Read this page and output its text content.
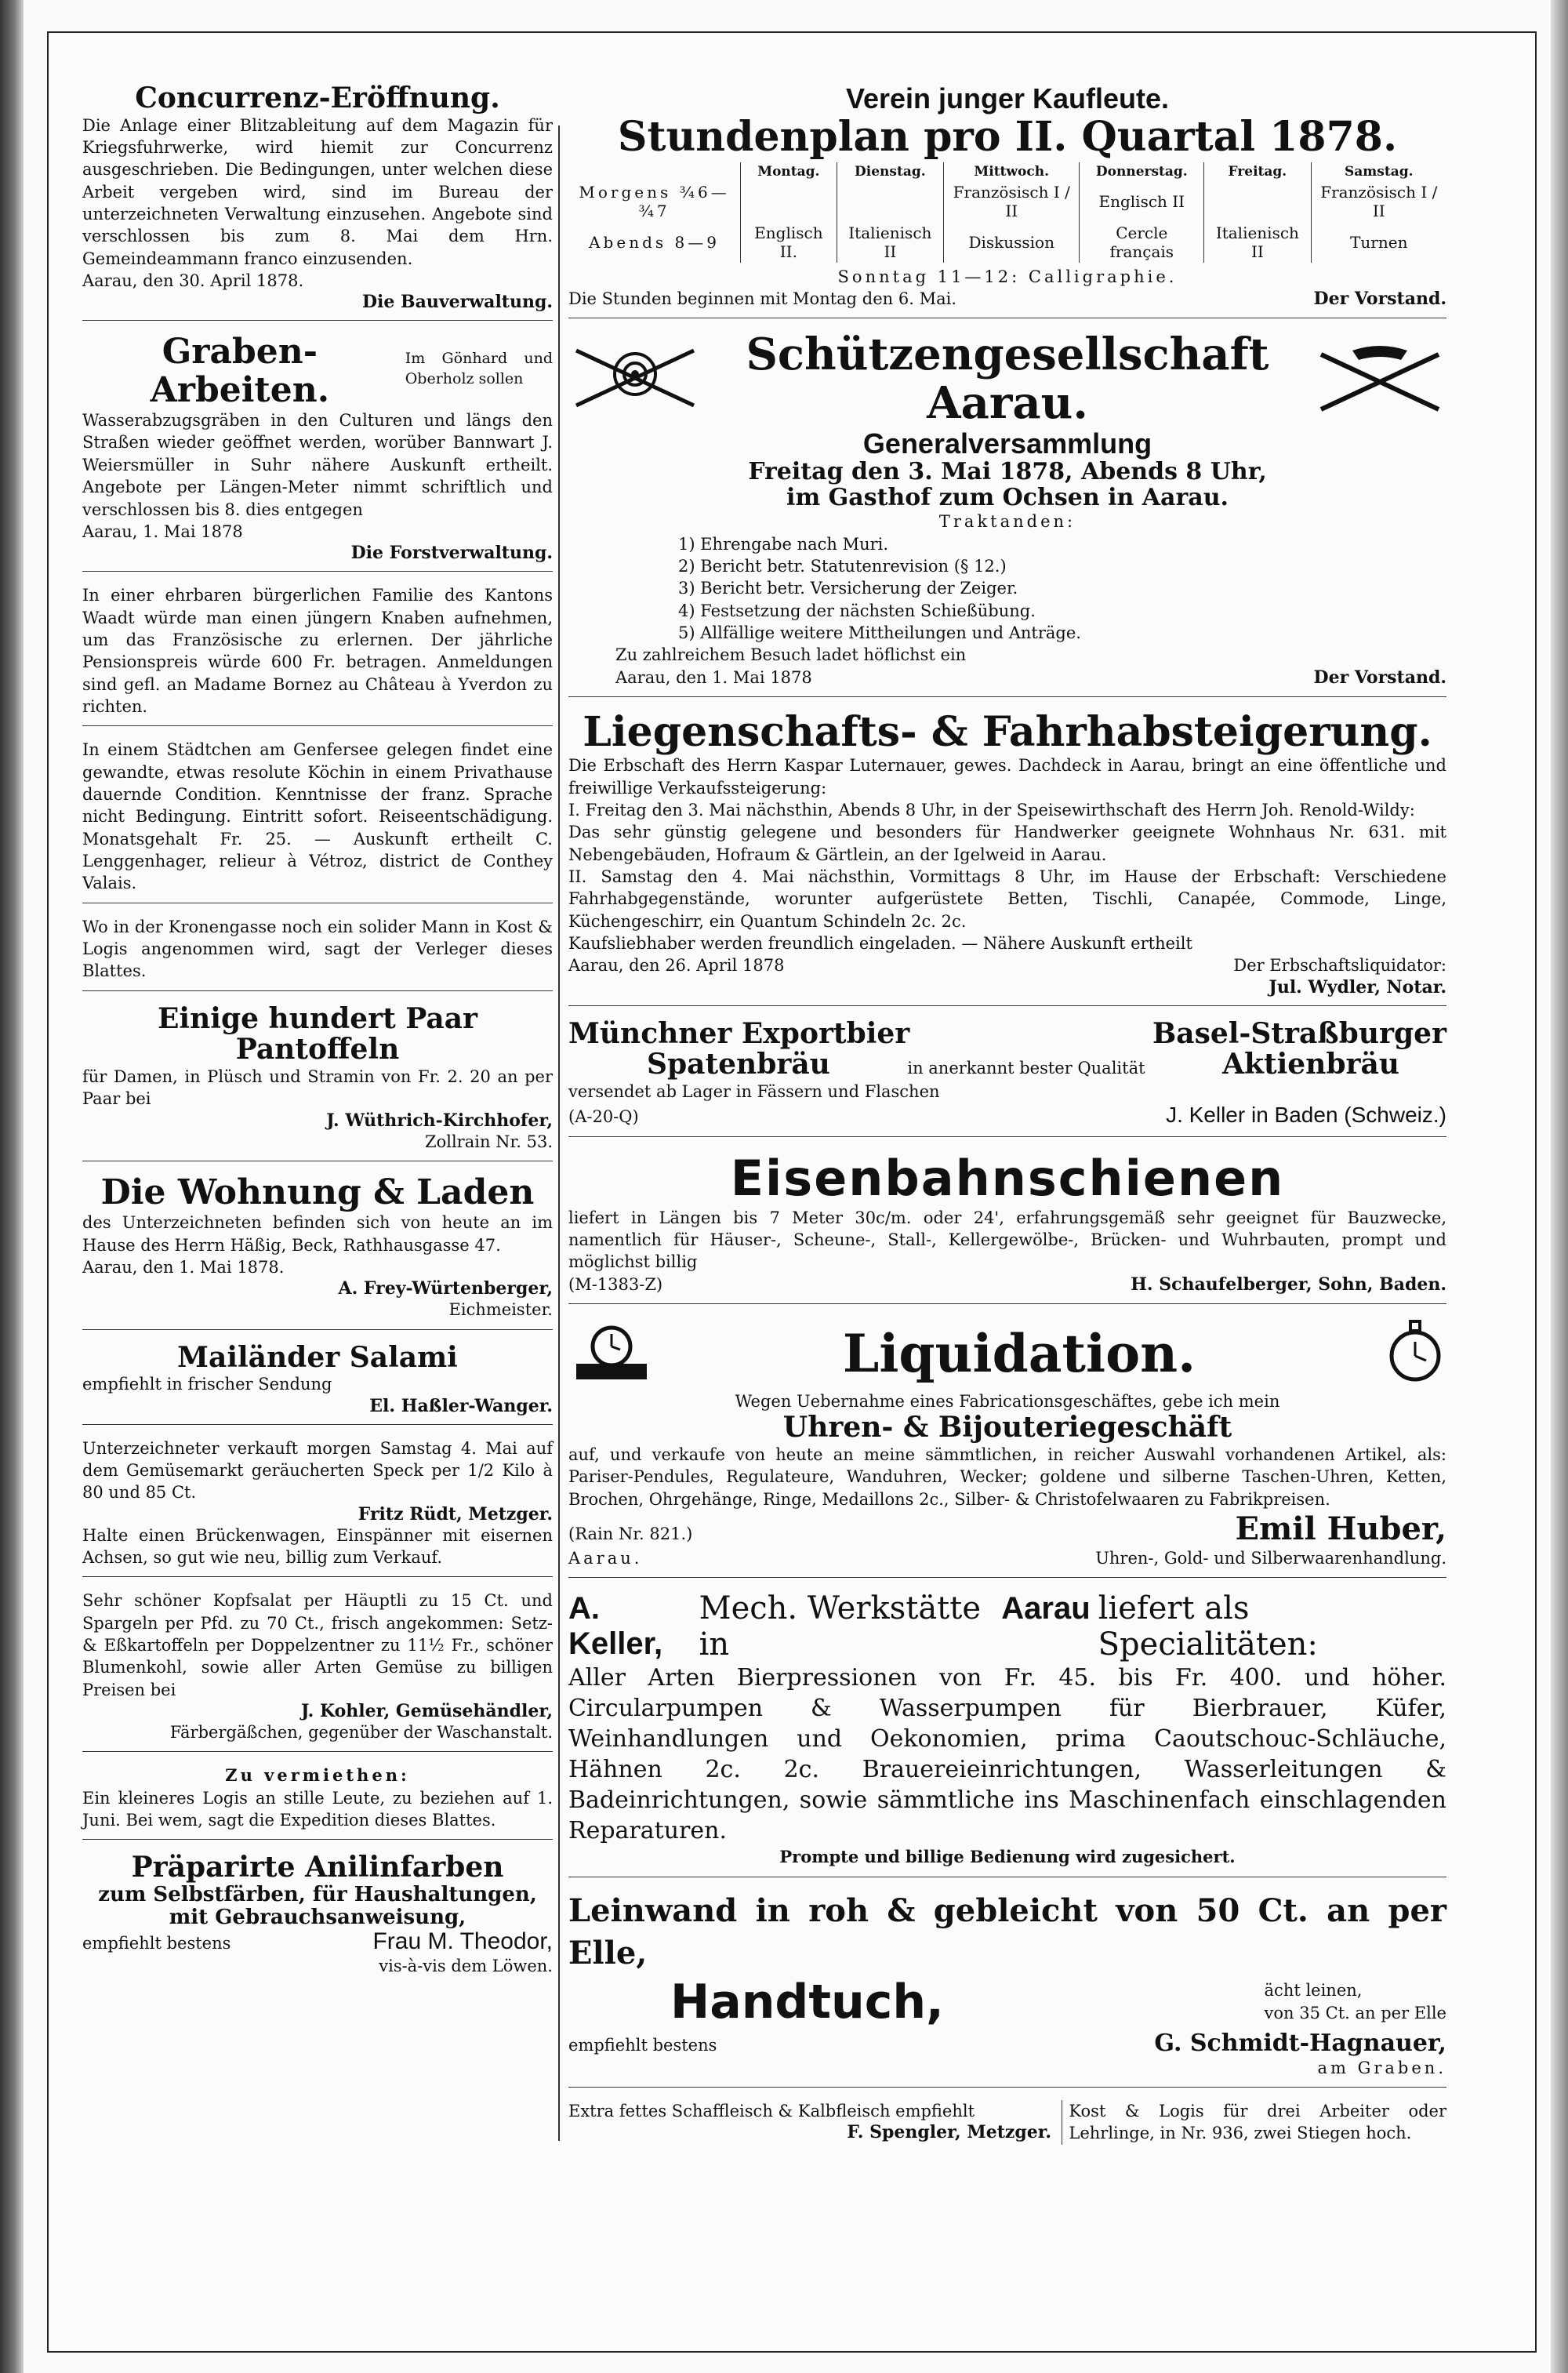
Concurrenz-Eröffnung.
Die Anlage einer Blitzableitung auf dem Magazin für Kriegsfuhrwerke, wird hiemit zur Concurrenz ausgeschrieben. Die Bedingungen, unter welchen diese Arbeit vergeben wird, sind im Bureau der unterzeichneten Verwaltung einzusehen. Angebote sind verschlossen bis zum 8. Mai dem Hrn. Gemeindeammann franco einzusenden.
Aarau, den 30. April 1878.
Die Bauverwaltung.
Graben-Arbeiten.
Im Gönhard und Oberholz sollen
Wasserabzugsgräben in den Culturen und längs den Straßen wieder geöffnet werden, worüber Bannwart J. Weiersmüller in Suhr nähere Auskunft ertheilt. Angebote per Längen-Meter nimmt schriftlich und verschlossen bis 8. dies entgegen
Aarau, 1. Mai 1878
Die Forstverwaltung.
In einer ehrbaren bürgerlichen Familie des Kantons Waadt würde man einen jüngern Knaben aufnehmen, um das Französische zu erlernen. Der jährliche Pensionspreis würde 600 Fr. betragen. Anmeldungen sind gefl. an Madame Bornez au Château à Yverdon zu richten.
In einem Städtchen am Genfersee gelegen findet eine gewandte, etwas resolute Köchin in einem Privathause dauernde Condition. Kenntnisse der franz. Sprache nicht Bedingung. Eintritt sofort. Reiseentschädigung. Monatsgehalt Fr. 25. — Auskunft ertheilt C. Lenggenhager, relieur à Vétroz, district de Conthey Valais.
Wo in der Kronengasse noch ein solider Mann in Kost & Logis angenommen wird, sagt der Verleger dieses Blattes.
Einige hundert Paar Pantoffeln
für Damen, in Plüsch und Stramin von Fr. 2. 20 an per Paar bei
J. Wüthrich-Kirchhofer,
Zollrain Nr. 53.
Die Wohnung & Laden
des Unterzeichneten befinden sich von heute an im Hause des Herrn Häßig, Beck, Rathhausgasse 47.
Aarau, den 1. Mai 1878.
A. Frey-Würtenberger,
Eichmeister.
Mailänder Salami
empfiehlt in frischer Sendung
El. Haßler-Wanger.
Unterzeichneter verkauft morgen Samstag 4. Mai auf dem Gemüsemarkt geräucherten Speck per 1/2 Kilo à 80 und 85 Ct.
Fritz Rüdt, Metzger.
Halte einen Brückenwagen, Einspänner mit eisernen Achsen, so gut wie neu, billig zum Verkauf.
Sehr schöner Kopfsalat per Häuptli zu 15 Ct. und Spargeln per Pfd. zu 70 Ct., frisch angekommen: Setz- & Eßkartoffeln per Doppelzentner zu 11½ Fr., schöner Blumenkohl, sowie aller Arten Gemüse zu billigen Preisen bei
J. Kohler, Gemüsehändler,
Färbergäßchen, gegenüber der Waschanstalt.
Zu vermiethen:
Ein kleineres Logis an stille Leute, zu beziehen auf 1. Juni. Bei wem, sagt die Expedition dieses Blattes.
Präparirte Anilinfarben
zum Selbstfärben, für Haushaltungen, mit Gebrauchsanweisung,
empfiehlt bestens	Frau M. Theodor,
vis-à-vis dem Löwen.
Verein junger Kaufleute.
Stundenplan pro II. Quartal 1878.
	Montag.	Dienstag.	Mittwoch.	Donnerstag.	Freitag.	Samstag.
Morgens ¾6—¾7			Französisch I / II	Englisch II		Französisch I / II
Abends 8—9	Englisch II.	Italienisch II	Diskussion	Cercle français	Italienisch II	Turnen
Sonntag 11—12: Calligraphie.
Die Stunden beginnen mit Montag den 6. Mai.	Der Vorstand.
Schützengesellschaft Aarau.
Generalversammlung
Freitag den 3. Mai 1878, Abends 8 Uhr,
im Gasthof zum Ochsen in Aarau.
Traktanden:
1) Ehrengabe nach Muri.
2) Bericht betr. Statutenrevision (§ 12.)
3) Bericht betr. Versicherung der Zeiger.
4) Festsetzung der nächsten Schießübung.
5) Allfällige weitere Mittheilungen und Anträge.
Zu zahlreichem Besuch ladet höflichst ein
Aarau, den 1. Mai 1878	Der Vorstand.
Liegenschafts- & Fahrhabsteigerung.
Die Erbschaft des Herrn Kaspar Luternauer, gewes. Dachdeck in Aarau, bringt an eine öffentliche und freiwillige Verkaufssteigerung:
I. Freitag den 3. Mai nächsthin, Abends 8 Uhr, in der Speisewirthschaft des Herrn Joh. Renold-Wildy:
Das sehr günstig gelegene und besonders für Handwerker geeignete Wohnhaus Nr. 631. mit Nebengebäuden, Hofraum & Gärtlein, an der Igelweid in Aarau.
II. Samstag den 4. Mai nächsthin, Vormittags 8 Uhr, im Hause der Erbschaft: Verschiedene Fahrhabgegenstände, worunter aufgerüstete Betten, Tischli, Canapée, Commode, Linge, Küchengeschirr, ein Quantum Schindeln 2c. 2c.
Kaufsliebhaber werden freundlich eingeladen. — Nähere Auskunft ertheilt
Aarau, den 26. April 1878	Der Erbschaftsliquidator:
Jul. Wydler, Notar.
Münchner Exportbier	Basel-Straßburger
Spatenbräu	in anerkannt bester Qualität	Aktienbräu
versendet ab Lager in Fässern und Flaschen
(A-20-Q)	J. Keller in Baden (Schweiz.)
Eisenbahnschienen
liefert in Längen bis 7 Meter 30c/m. oder 24', erfahrungsgemäß sehr geeignet für Bauzwecke, namentlich für Häuser-, Scheune-, Stall-, Kellergewölbe-, Brücken- und Wuhrbauten, prompt und möglichst billig
(M-1383-Z)	H. Schaufelberger, Sohn, Baden.
Liquidation.
Wegen Uebernahme eines Fabricationsgeschäftes, gebe ich mein
Uhren- & Bijouteriegeschäft
auf, und verkaufe von heute an meine sämmtlichen, in reicher Auswahl vorhandenen Artikel, als: Pariser-Pendules, Regulateure, Wanduhren, Wecker; goldene und silberne Taschen-Uhren, Ketten, Brochen, Ohrgehänge, Ringe, Medaillons 2c., Silber- & Christofelwaaren zu Fabrikpreisen.
(Rain Nr. 821.)	Emil Huber,
Aarau.	Uhren-, Gold- und Silberwaarenhandlung.
A. Keller,
Mech. Werkstätte in
Aarau liefert als Specialitäten:
Aller Arten Bierpressionen von Fr. 45. bis Fr. 400. und höher. Circularpumpen & Wasserpumpen für Bierbrauer, Küfer, Weinhandlungen und Oekonomien, prima Caoutschouc-Schläuche, Hähnen 2c. 2c. Brauereieinrichtungen, Wasserleitungen & Badeinrichtungen, sowie sämmtliche ins Maschinenfach einschlagenden Reparaturen.
Prompte und billige Bedienung wird zugesichert.
Leinwand in roh & gebleicht von 50 Ct. an per Elle,
Handtuch,	ächt leinen,
von 35 Ct. an per Elle
empfiehlt bestens	G. Schmidt-Hagnauer,
am Graben.
Extra fettes Schaffleisch & Kalbfleisch empfiehlt
F. Spengler, Metzger.
Kost & Logis für drei Arbeiter oder Lehrlinge, in Nr. 936, zwei Stiegen hoch.
